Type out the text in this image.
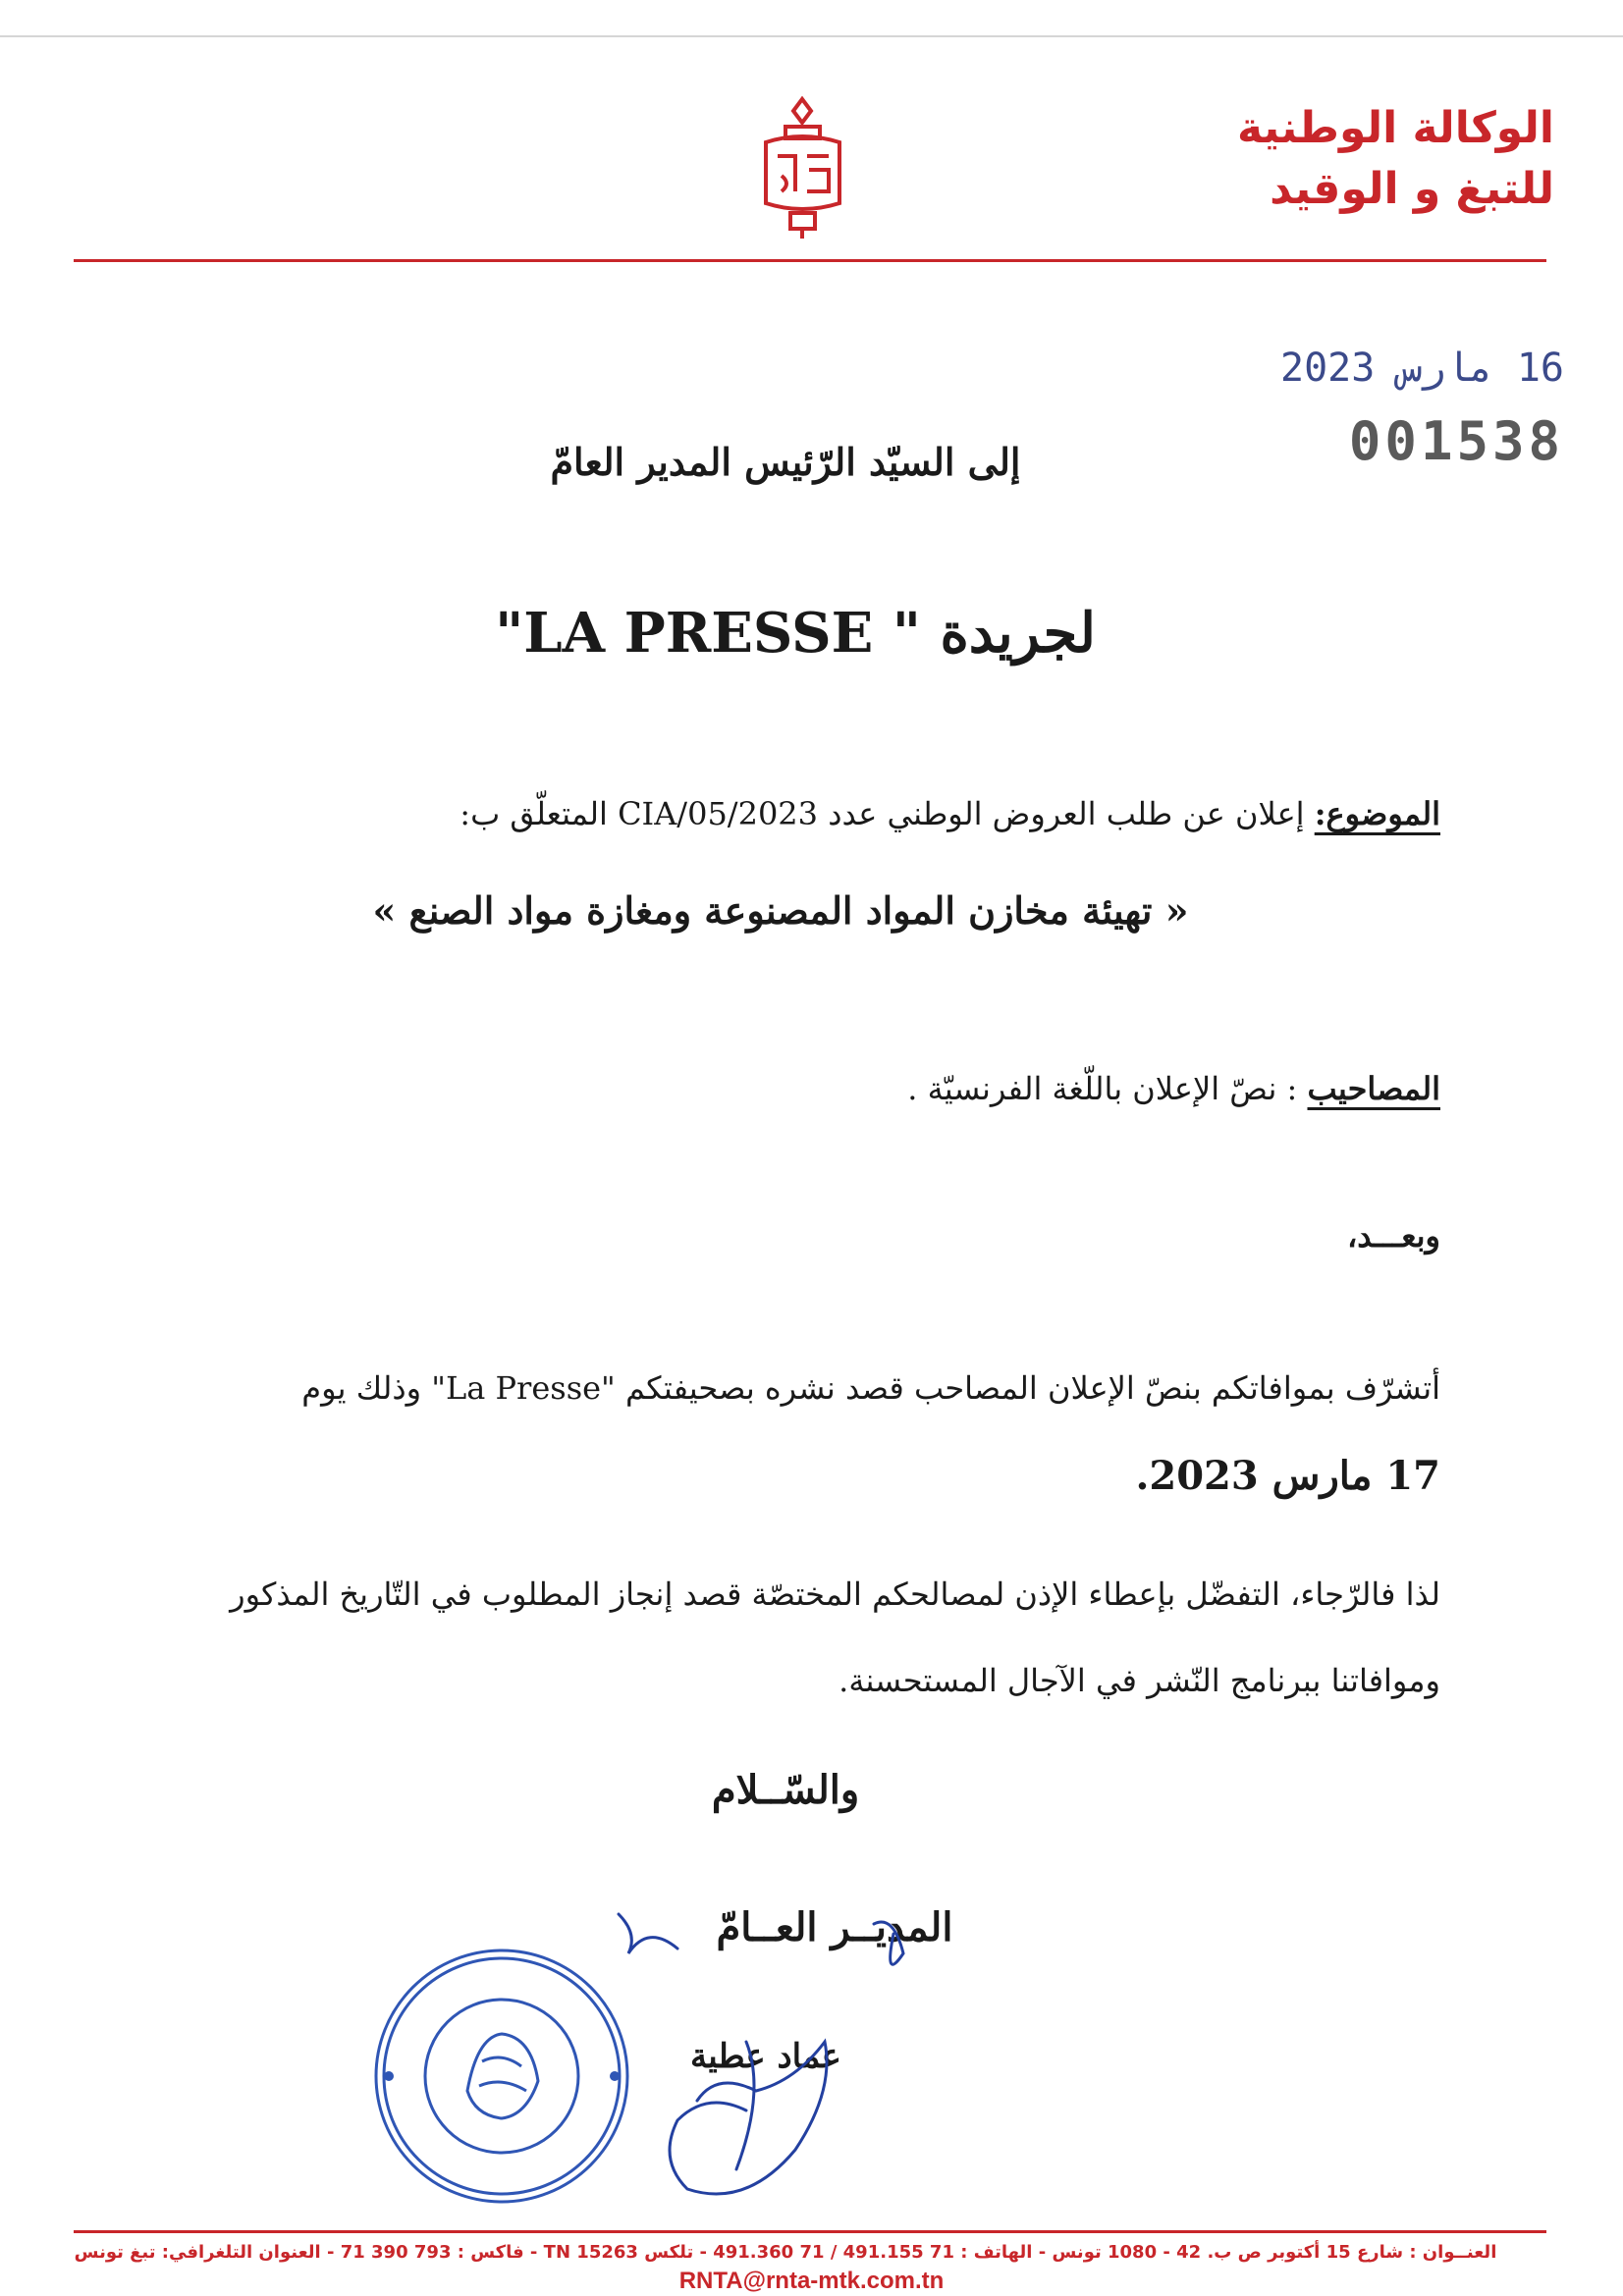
الوكالة الوطنية
للتبغ و الوقيد
16 مارس 2023
001538
إلى السيّد الرّئيس المدير العامّ
لجريدة " LA PRESSE"
الموضوع: إعلان عن طلب العروض الوطني عدد 2023/CIA/05 المتعلّق ب:
« تهيئة مخازن المواد المصنوعة ومغازة مواد الصنع »
المصاحيب : نصّ الإعلان باللّغة الفرنسيّة .
وبعـــد،
أتشرّف بموافاتكم بنصّ الإعلان المصاحب قصد نشره بصحيفتكم "La Presse" وذلك يوم
17 مارس 2023.
لذا فالرّجاء، التفضّل بإعطاء الإذن لمصالحكم المختصّة قصد إنجاز المطلوب في التّاريخ المذكور
وموافاتنا ببرنامج النّشر في الآجال المستحسنة.
والسّــلام
المديــر العــامّ
عماد عطية
العنــوان : شارع 15 أكتوبر ص ب. 42 - 1080 تونس - الهاتف : 71 491.155 / 71 491.360 - تلكس 15263 TN - فاكس : 793 390 71 - العنوان التلغرافي: تبغ تونس
RNTA@rnta-mtk.com.tn
